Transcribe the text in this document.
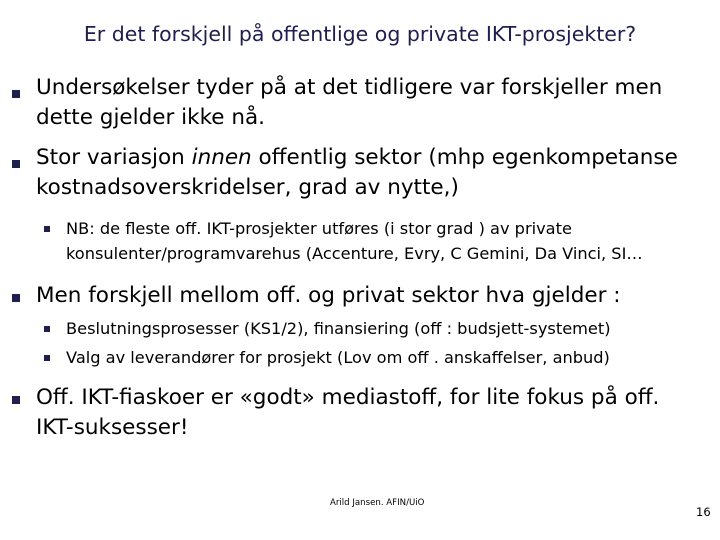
Er det forskjell på offentlige og private IKT-prosjekter?
Undersøkelser tyder på at det tidligere var forskjeller men
dette gjelder ikke nå.
Stor variasjon innen offentlig sektor (mhp egenkompetanse
kostnadsoverskridelser, grad av nytte,)
NB: de fleste off. IKT-prosjekter utføres (i stor grad ) av private
konsulenter/programvarehus (Accenture, Evry, C Gemini, Da Vinci, SI…
Men forskjell mellom off. og privat sektor hva gjelder :
Beslutningsprosesser (KS1/2), finansiering (off : budsjett-systemet)
Valg av leverandører for prosjekt (Lov om off . anskaffelser, anbud)
Off. IKT-fiaskoer er «godt» mediastoff, for lite fokus på off.
IKT-suksesser!
Arild Jansen. AFIN/UiO
16
